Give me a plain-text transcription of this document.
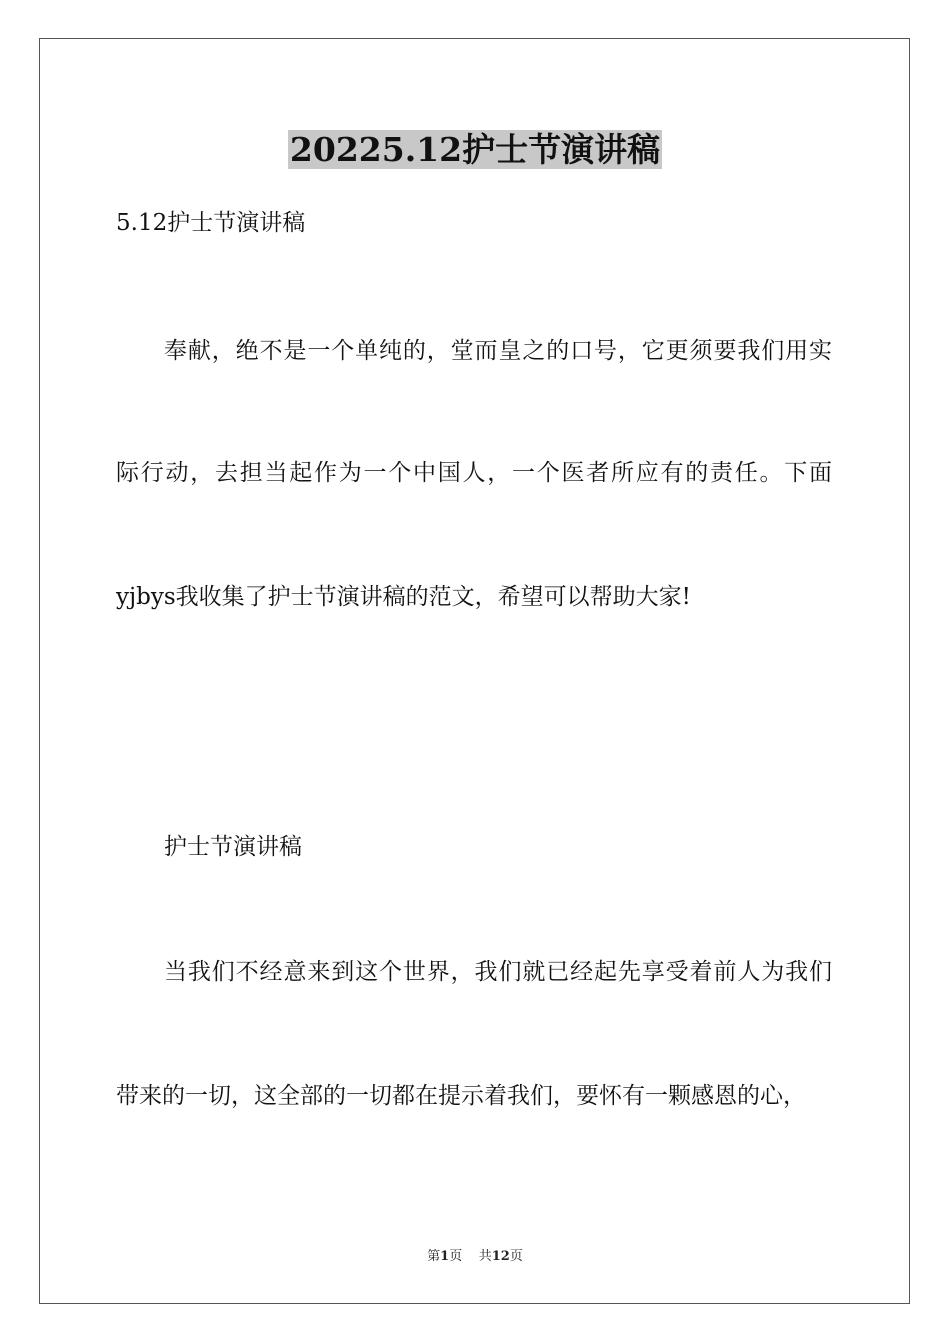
20225.12护士节演讲稿
5.12护士节演讲稿
奉献，绝不是一个单纯的，堂而皇之的口号，它更须要我们用实
际行动，去担当起作为一个中国人，一个医者所应有的责任。下面
yjbys我收集了护士节演讲稿的范文，希望可以帮助大家!
护士节演讲稿
当我们不经意来到这个世界，我们就已经起先享受着前人为我们
带来的一切，这全部的一切都在提示着我们，要怀有一颗感恩的心，
第1页 共12页
